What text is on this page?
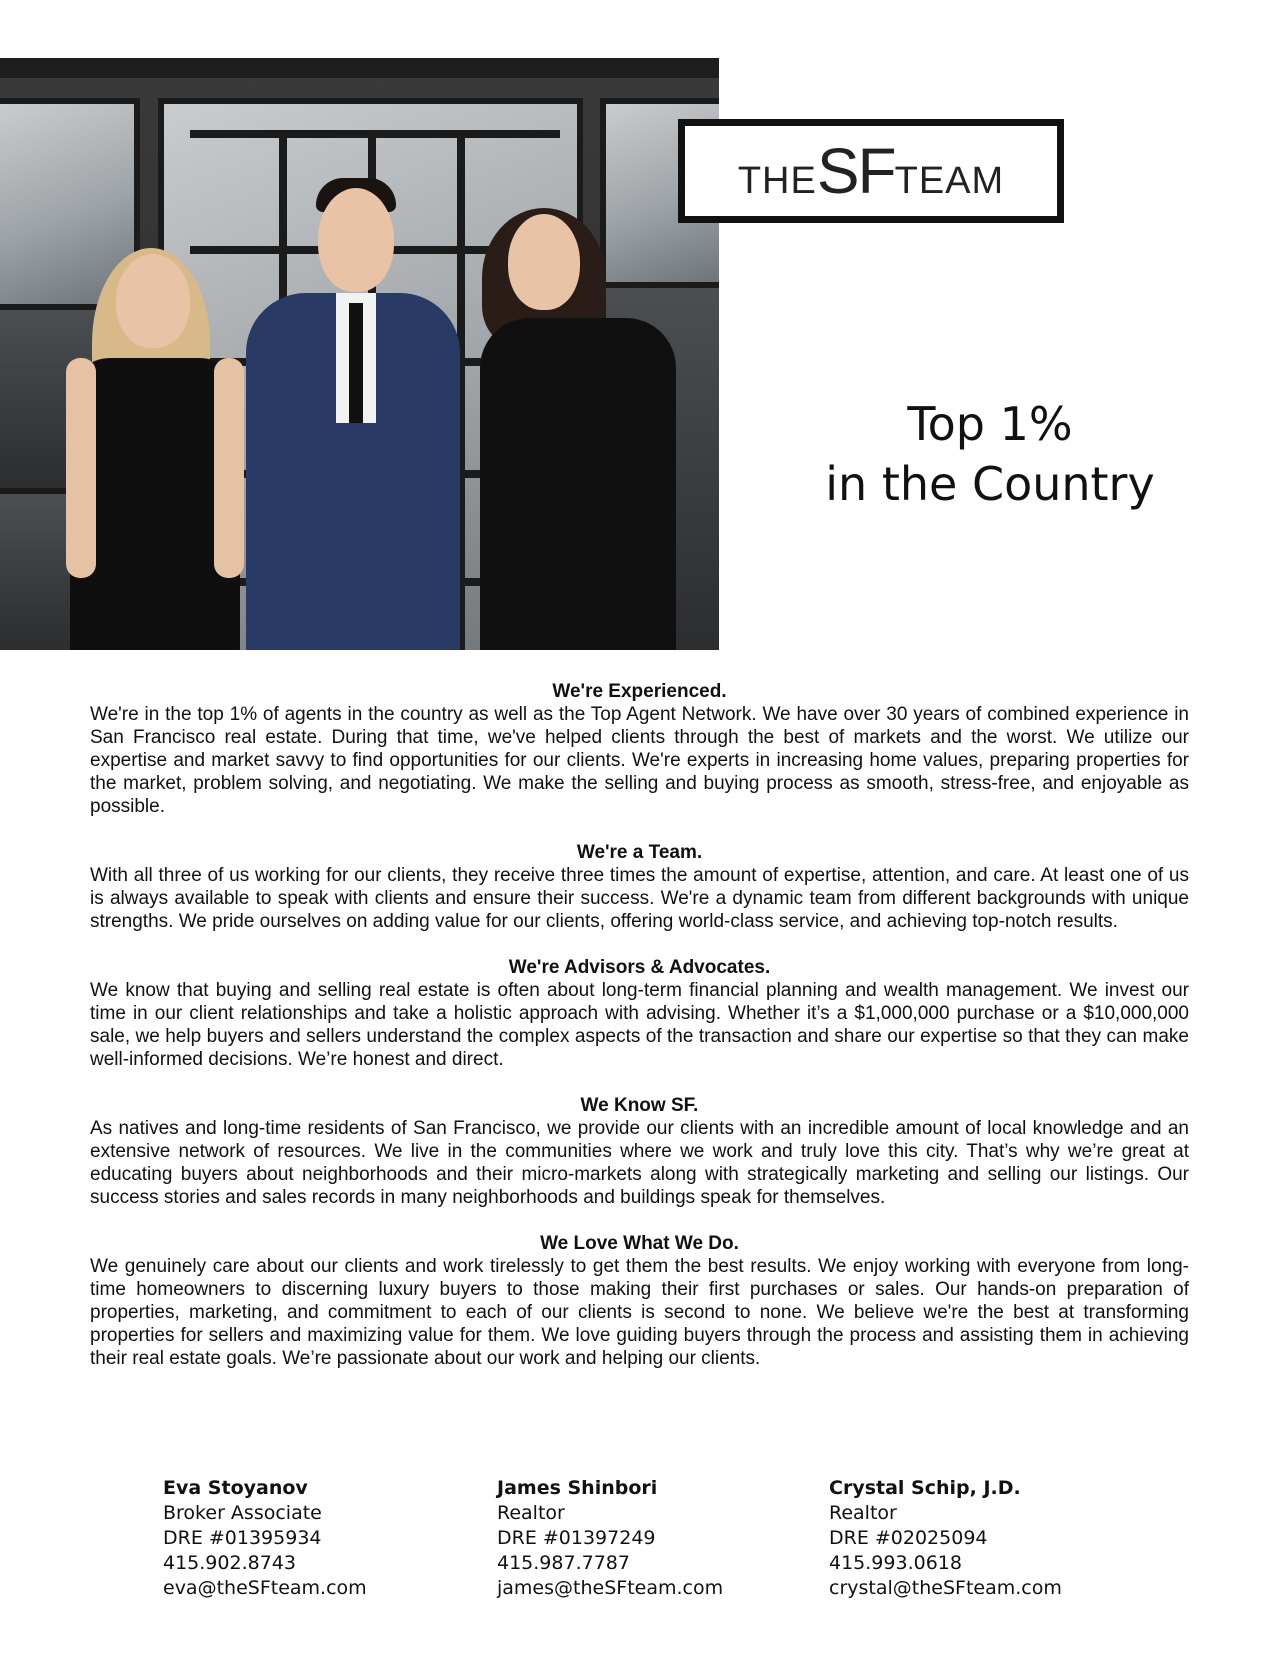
THESFTEAM
Top 1%
in the Country
We're Experienced.

We're in the top 1% of agents in the country as well as the Top Agent Network. We have over 30 years of combined experience in San Francisco real estate. During that time, we've helped clients through the best of markets and the worst. We utilize our expertise and market savvy to find opportunities for our clients. We're experts in increasing home values, preparing properties for the market, problem solving, and negotiating. We make the selling and buying process as smooth, stress-free, and enjoyable as possible.

We're a Team.

With all three of us working for our clients, they receive three times the amount of expertise, attention, and care. At least one of us is always available to speak with clients and ensure their success. We're a dynamic team from different backgrounds with unique strengths. We pride ourselves on adding value for our clients, offering world-class service, and achieving top-notch results.

We're Advisors & Advocates.

We know that buying and selling real estate is often about long-term financial planning and wealth management. We invest our time in our client relationships and take a holistic approach with advising. Whether it’s a $1,000,000 purchase or a $10,000,000 sale, we help buyers and sellers understand the complex aspects of the transaction and share our expertise so that they can make well-informed decisions. We’re honest and direct.

We Know SF.

As natives and long-time residents of San Francisco, we provide our clients with an incredible amount of local knowledge and an extensive network of resources. We live in the communities where we work and truly love this city. That’s why we’re great at educating buyers about neighborhoods and their micro-markets along with strategically marketing and selling our listings. Our success stories and sales records in many neighborhoods and buildings speak for themselves.

We Love What We Do.

We genuinely care about our clients and work tirelessly to get them the best results. We enjoy working with everyone from long-time homeowners to discerning luxury buyers to those making their first purchases or sales. Our hands-on preparation of properties, marketing, and commitment to each of our clients is second to none. We believe we're the best at transforming properties for sellers and maximizing value for them. We love guiding buyers through the process and assisting them in achieving their real estate goals. We’re passionate about our work and helping our clients.

Eva Stoyanov
Broker Associate
DRE #01395934
415.902.8743
eva@theSFteam.com
James Shinbori
Realtor
DRE #01397249
415.987.7787
james@theSFteam.com
Crystal Schip, J.D.
Realtor
DRE #02025094
415.993.0618
crystal@theSFteam.com
